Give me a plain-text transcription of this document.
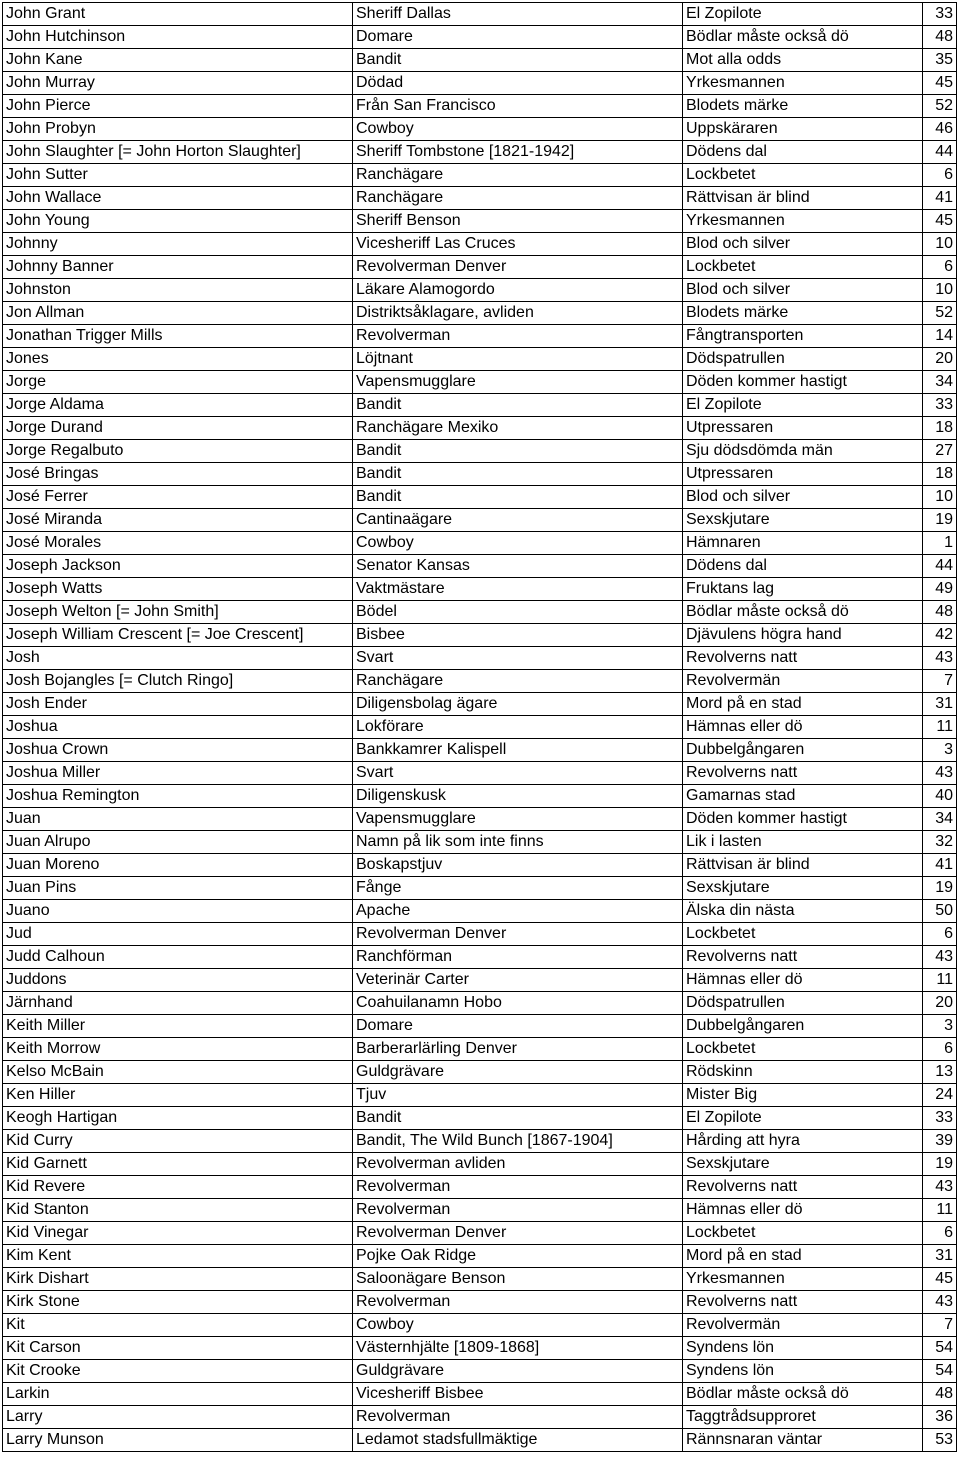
John Grant	Sheriff Dallas	El Zopilote	33
John Hutchinson	Domare	Bödlar måste också dö	48
John Kane	Bandit	Mot alla odds	35
John Murray	Dödad	Yrkesmannen	45
John Pierce	Från San Francisco	Blodets märke	52
John Probyn	Cowboy	Uppskäraren	46
John Slaughter [= John Horton Slaughter]	Sheriff Tombstone [1821-1942]	Dödens dal	44
John Sutter	Ranchägare	Lockbetet	6
John Wallace	Ranchägare	Rättvisan är blind	41
John Young	Sheriff Benson	Yrkesmannen	45
Johnny	Vicesheriff Las Cruces	Blod och silver	10
Johnny Banner	Revolverman Denver	Lockbetet	6
Johnston	Läkare Alamogordo	Blod och silver	10
Jon Allman	Distriktsåklagare, avliden	Blodets märke	52
Jonathan Trigger Mills	Revolverman	Fångtransporten	14
Jones	Löjtnant	Dödspatrullen	20
Jorge	Vapensmugglare	Döden kommer hastigt	34
Jorge Aldama	Bandit	El Zopilote	33
Jorge Durand	Ranchägare Mexiko	Utpressaren	18
Jorge Regalbuto	Bandit	Sju dödsdömda män	27
José Bringas	Bandit	Utpressaren	18
José Ferrer	Bandit	Blod och silver	10
José Miranda	Cantinaägare	Sexskjutare	19
José Morales	Cowboy	Hämnaren	1
Joseph Jackson	Senator Kansas	Dödens dal	44
Joseph Watts	Vaktmästare	Fruktans lag	49
Joseph Welton [= John Smith]	Bödel	Bödlar måste också dö	48
Joseph William Crescent [= Joe Crescent]	Bisbee	Djävulens högra hand	42
Josh	Svart	Revolverns natt	43
Josh Bojangles [= Clutch Ringo]	Ranchägare	Revolvermän	7
Josh Ender	Diligensbolag ägare	Mord på en stad	31
Joshua	Lokförare	Hämnas eller dö	11
Joshua Crown	Bankkamrer Kalispell	Dubbelgångaren	3
Joshua Miller	Svart	Revolverns natt	43
Joshua Remington	Diligenskusk	Gamarnas stad	40
Juan	Vapensmugglare	Döden kommer hastigt	34
Juan Alrupo	Namn på lik som inte finns	Lik i lasten	32
Juan Moreno	Boskapstjuv	Rättvisan är blind	41
Juan Pins	Fånge	Sexskjutare	19
Juano	Apache	Älska din nästa	50
Jud	Revolverman Denver	Lockbetet	6
Judd Calhoun	Ranchförman	Revolverns natt	43
Juddons	Veterinär Carter	Hämnas eller dö	11
Järnhand	Coahuilanamn Hobo	Dödspatrullen	20
Keith Miller	Domare	Dubbelgångaren	3
Keith Morrow	Barberarlärling Denver	Lockbetet	6
Kelso McBain	Guldgrävare	Rödskinn	13
Ken Hiller	Tjuv	Mister Big	24
Keogh Hartigan	Bandit	El Zopilote	33
Kid Curry	Bandit, The Wild Bunch [1867-1904]	Hårding att hyra	39
Kid Garnett	Revolverman avliden	Sexskjutare	19
Kid Revere	Revolverman	Revolverns natt	43
Kid Stanton	Revolverman	Hämnas eller dö	11
Kid Vinegar	Revolverman Denver	Lockbetet	6
Kim Kent	Pojke Oak Ridge	Mord på en stad	31
Kirk Dishart	Saloonägare Benson	Yrkesmannen	45
Kirk Stone	Revolverman	Revolverns natt	43
Kit	Cowboy	Revolvermän	7
Kit Carson	Västernhjälte [1809-1868]	Syndens lön	54
Kit Crooke	Guldgrävare	Syndens lön	54
Larkin	Vicesheriff Bisbee	Bödlar måste också dö	48
Larry	Revolverman	Taggtrådsupproret	36
Larry Munson	Ledamot stadsfullmäktige	Rännsnaran väntar	53
